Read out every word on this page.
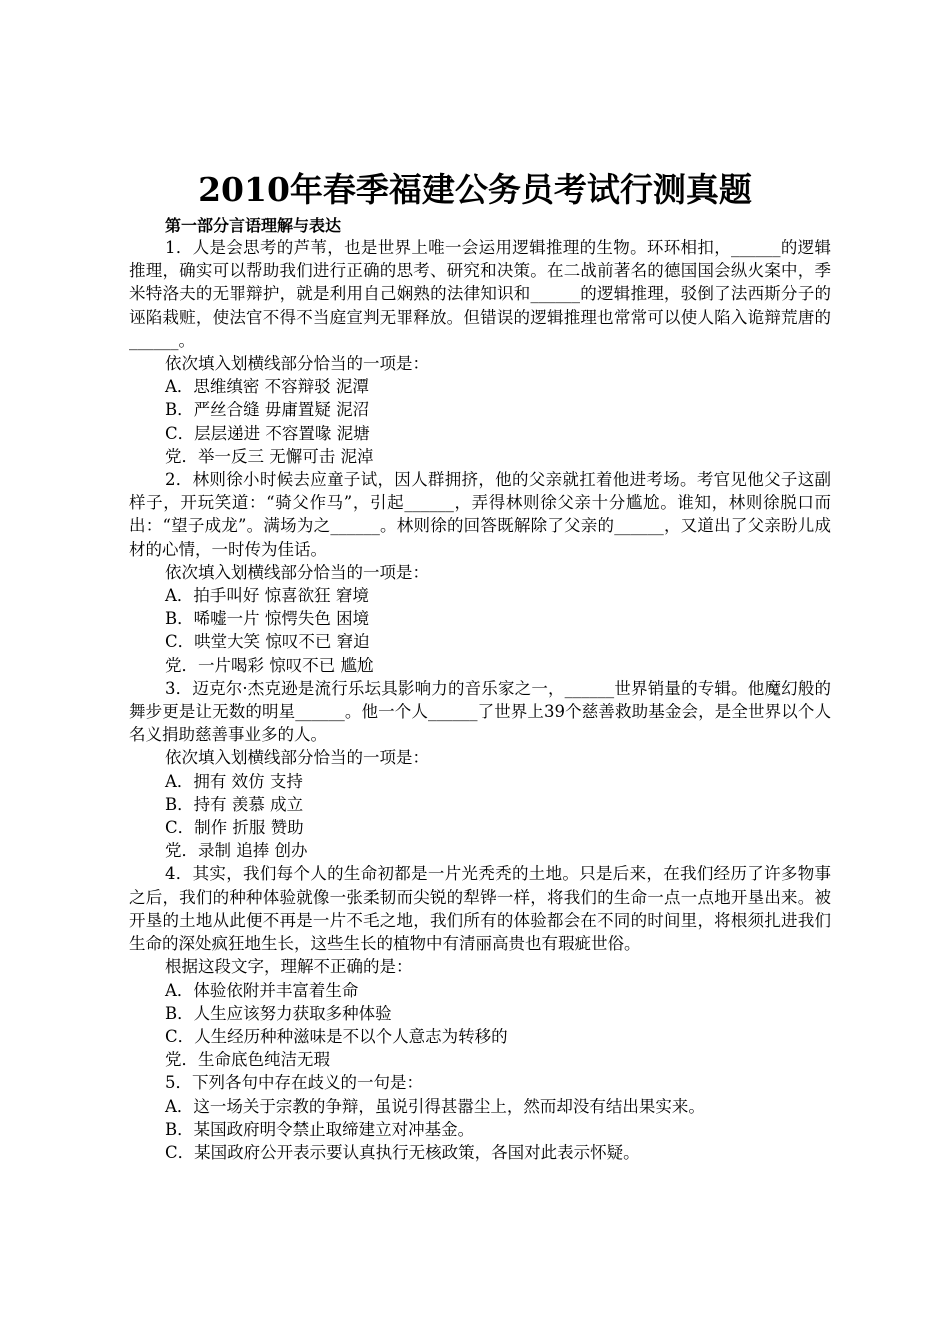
2010年春季福建公务员考试行测真题
第一部分言语理解与表达

1．人是会思考的芦苇，也是世界上唯一会运用逻辑推理的生物。环环相扣，______的逻辑推理，确实可以帮助我们进行正确的思考、研究和决策。在二战前著名的德国国会纵火案中，季米特洛夫的无罪辩护，就是利用自己娴熟的法律知识和______的逻辑推理，驳倒了法西斯分子的诬陷栽赃，使法官不得不当庭宣判无罪释放。但错误的逻辑推理也常常可以使人陷入诡辩荒唐的______。

依次填入划横线部分恰当的一项是：

A．思维缜密 不容辩驳 泥潭

B．严丝合缝 毋庸置疑 泥沼

C．层层递进 不容置喙 泥塘

党．举一反三 无懈可击 泥淖

2．林则徐小时候去应童子试，因人群拥挤，他的父亲就扛着他进考场。考官见他父子这副样子，开玩笑道：“骑父作马”，引起______，弄得林则徐父亲十分尴尬。谁知，林则徐脱口而出：“望子成龙”。满场为之______。林则徐的回答既解除了父亲的______，又道出了父亲盼儿成材的心情，一时传为佳话。

依次填入划横线部分恰当的一项是：

A．拍手叫好 惊喜欲狂 窘境

B．唏嘘一片 惊愕失色 困境

C．哄堂大笑 惊叹不已 窘迫

党．一片喝彩 惊叹不已 尴尬

3．迈克尔·杰克逊是流行乐坛具影响力的音乐家之一，______世界销量的专辑。他魔幻般的舞步更是让无数的明星______。他一个人______了世界上39个慈善救助基金会，是全世界以个人名义捐助慈善事业多的人。

依次填入划横线部分恰当的一项是：

A．拥有 效仿 支持

B．持有 羡慕 成立

C．制作 折服 赞助

党．录制 追捧 创办

4．其实，我们每个人的生命初都是一片光秃秃的土地。只是后来，在我们经历了许多物事之后，我们的种种体验就像一张柔韧而尖锐的犁铧一样，将我们的生命一点一点地开垦出来。被开垦的土地从此便不再是一片不毛之地，我们所有的体验都会在不同的时间里，将根须扎进我们生命的深处疯狂地生长，这些生长的植物中有清丽高贵也有瑕疵世俗。

根据这段文字，理解不正确的是：

A．体验依附并丰富着生命

B．人生应该努力获取多种体验

C．人生经历种种滋味是不以个人意志为转移的

党．生命底色纯洁无瑕

5．下列各句中存在歧义的一句是：

A．这一场关于宗教的争辩，虽说引得甚嚣尘上，然而却没有结出果实来。

B．某国政府明令禁止取缔建立对冲基金。

C．某国政府公开表示要认真执行无核政策，各国对此表示怀疑。
